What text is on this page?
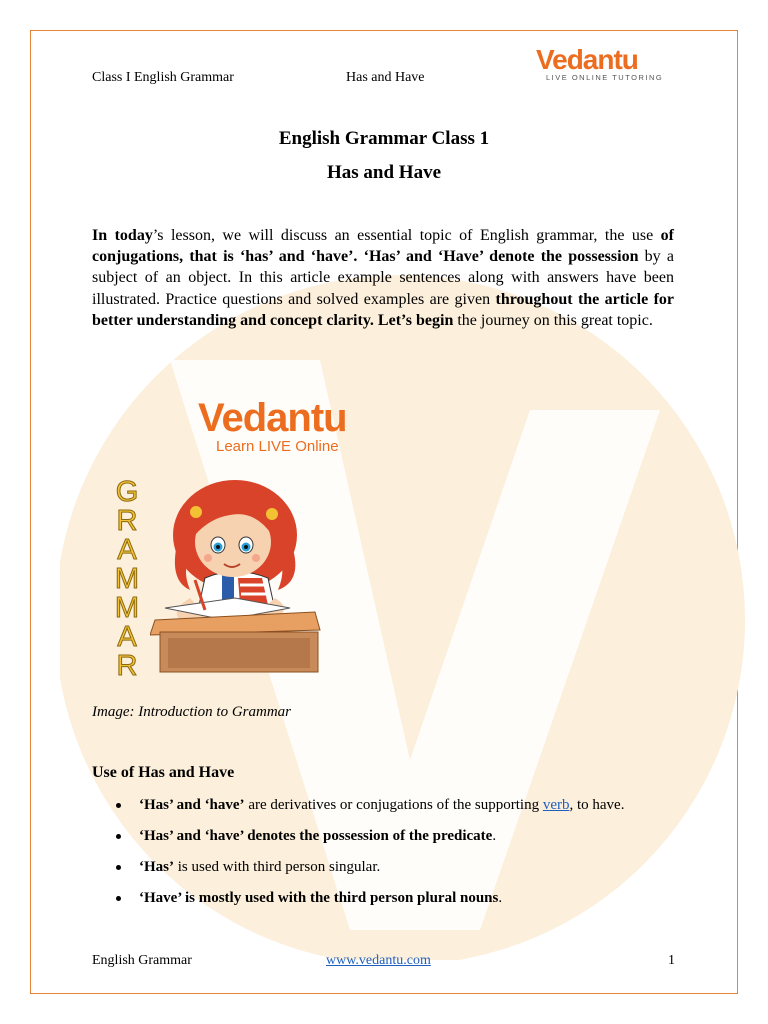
Class I English Grammar	Has and Have
Vedantu
LIVE ONLINE TUTORING
English Grammar Class 1
Has and Have
In today’s lesson, we will discuss an essential topic of English grammar, the use of conjugations, that is ‘has’ and ‘have’. ‘Has’ and ‘Have’ denote the possession by a subject of an object. In this article example sentences along with answers have been illustrated. Practice questions and solved examples are given throughout the article for better understanding and concept clarity. Let’s begin the journey on this great topic.
Vedantu
Learn LIVE Online
G
R
A
M
M
A
R
Image: Introduction to Grammar
Use of Has and Have
‘Has’ and ‘have’ are derivatives or conjugations of the supporting verb, to have.
‘Has’ and ‘have’ denotes the possession of the predicate.
‘Has’ is used with third person singular.
‘Have’ is mostly used with the third person plural nouns.
English Grammar	www.vedantu.com	1
